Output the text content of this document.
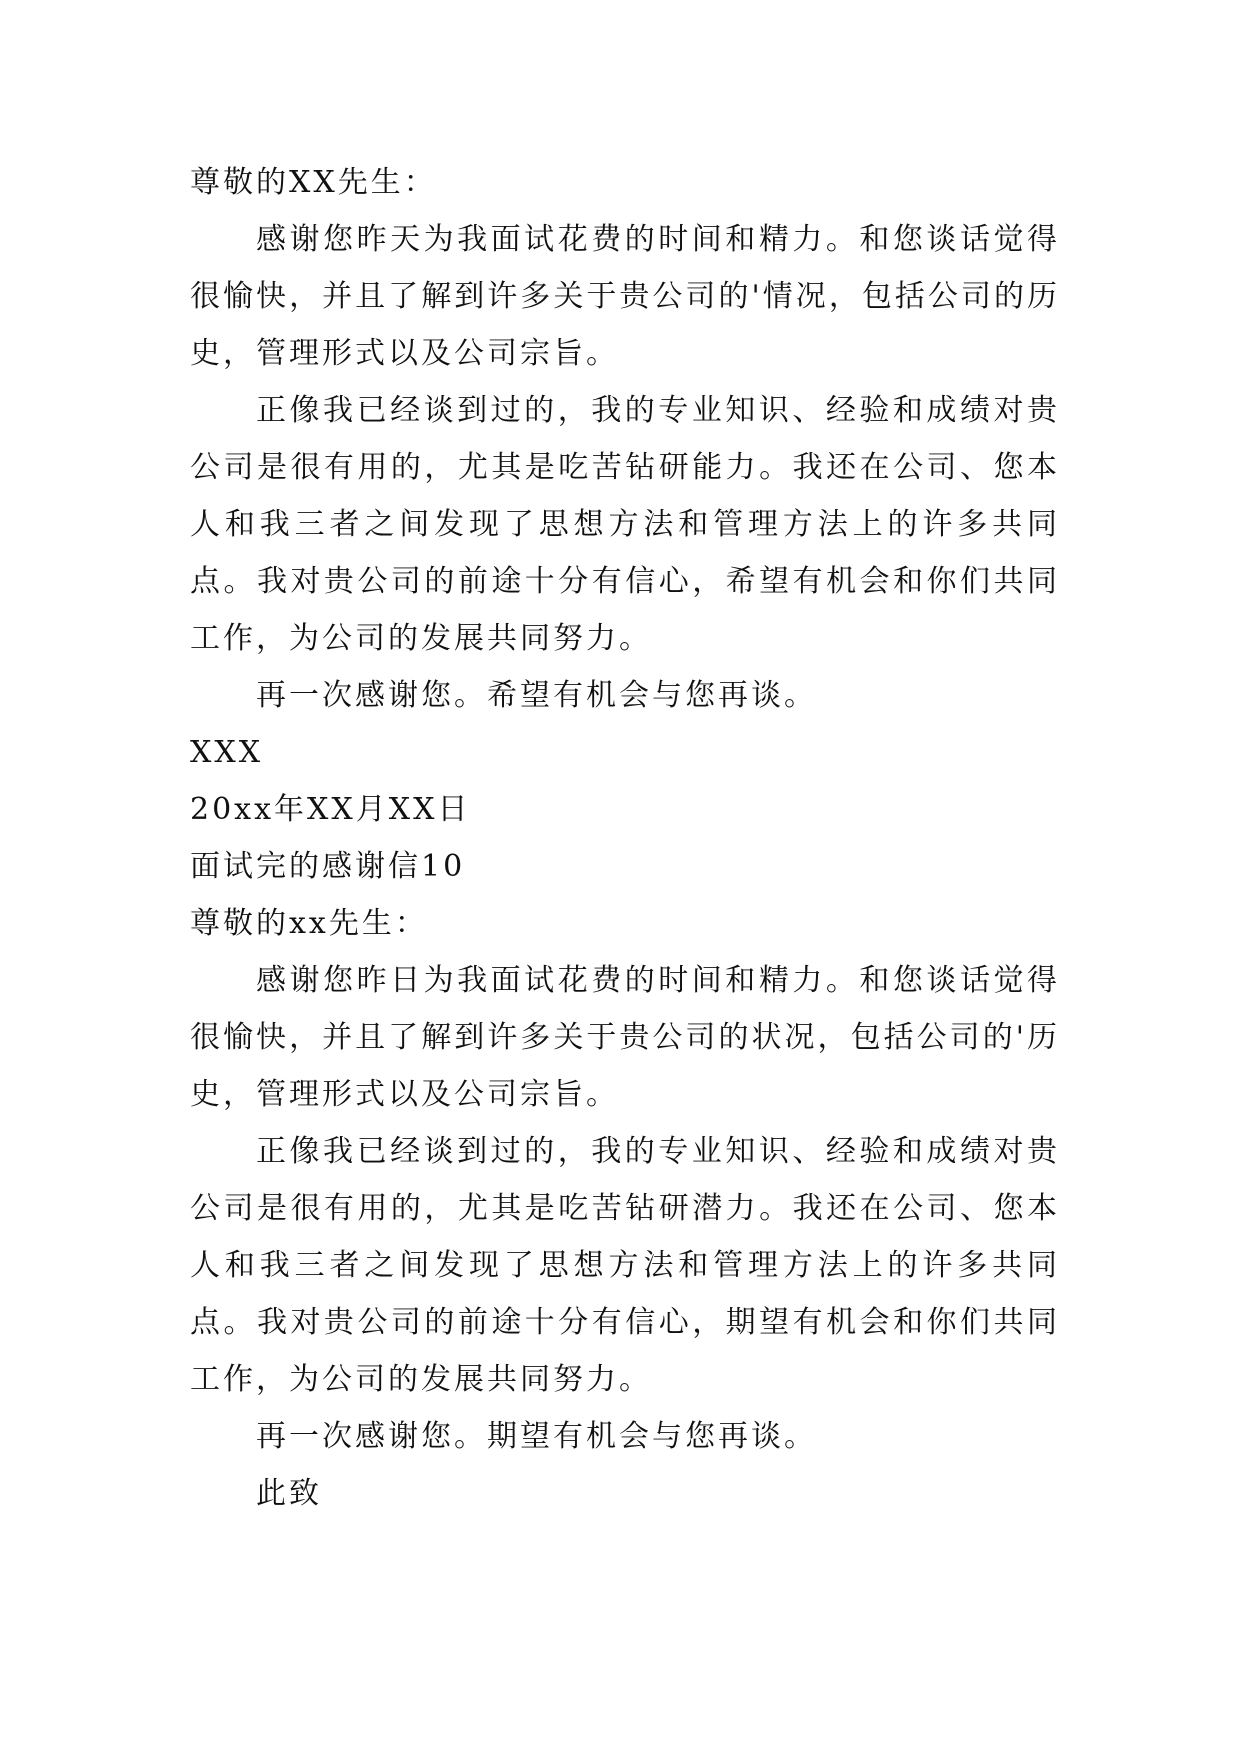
尊敬的XX先生：

感谢您昨天为我面试花费的时间和精力。和您谈话觉得很愉快，并且了解到许多关于贵公司的'情况，包括公司的历史，管理形式以及公司宗旨。

正像我已经谈到过的，我的专业知识、经验和成绩对贵公司是很有用的，尤其是吃苦钻研能力。我还在公司、您本人和我三者之间发现了思想方法和管理方法上的许多共同点。我对贵公司的前途十分有信心，希望有机会和你们共同工作，为公司的发展共同努力。

再一次感谢您。希望有机会与您再谈。

XXX
20xx年XX月XX日
面试完的感谢信10
尊敬的xx先生：

感谢您昨日为我面试花费的时间和精力。和您谈话觉得很愉快，并且了解到许多关于贵公司的状况，包括公司的'历史，管理形式以及公司宗旨。

正像我已经谈到过的，我的专业知识、经验和成绩对贵公司是很有用的，尤其是吃苦钻研潜力。我还在公司、您本人和我三者之间发现了思想方法和管理方法上的许多共同点。我对贵公司的前途十分有信心，期望有机会和你们共同工作，为公司的发展共同努力。

再一次感谢您。期望有机会与您再谈。

此致
